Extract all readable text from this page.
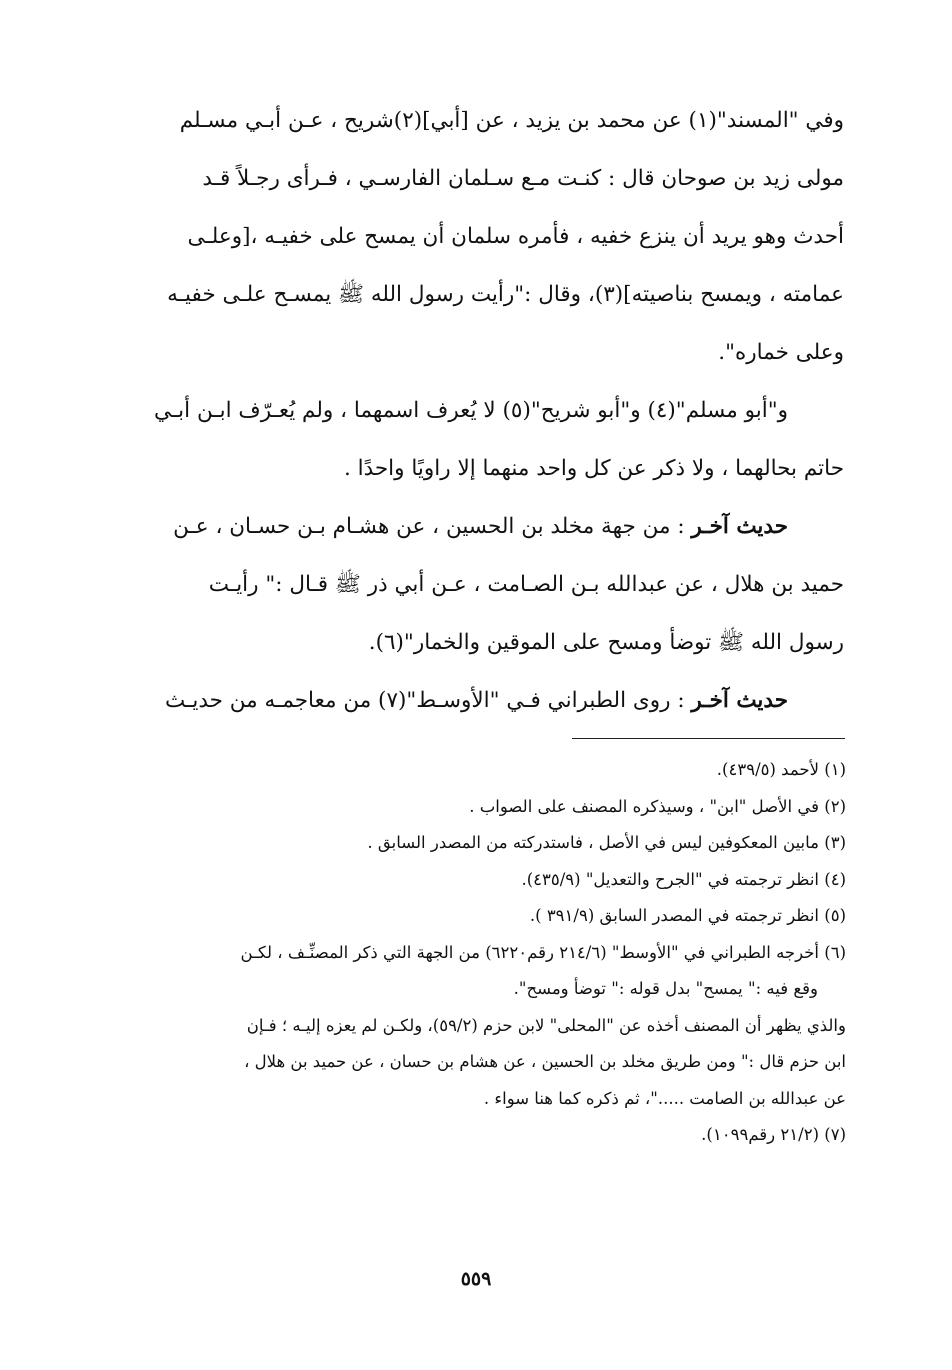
وفي "المسند"(١) عن محمد بن يزيد ، عن [أبي](٢)شريح ، عـن أبـي مسـلم
مولى زيد بن صوحان قال : كنـت مـع سـلمان الفارسـي ، فـرأى رجـلاً قـد
أحدث وهو يريد أن ينزع خفيه ، فأمره سلمان أن يمسح على خفيـه ،[وعلـى
عمامته ، ويمسح بناصيته](٣)، وقال :"رأيت رسول الله ﷺ يمسـح علـى خفيـه
وعلى خماره".
و"أبو مسلم"(٤) و"أبو شريح"(٥) لا يُعرف اسمهما ، ولم يُعـرّف ابـن أبـي
حاتم بحالهما ، ولا ذكر عن كل واحد منهما إلا راويًا واحدًا .
حديث آخـر : من جهة مخلد بن الحسين ، عن هشـام بـن حسـان ، عـن
حميد بن هلال ، عن عبدالله بـن الصـامت ، عـن أبي ذر ﷺ قـال :" رأيـت
رسول الله ﷺ توضأ ومسح على الموقين والخمار"(٦).
حديث آخـر : روى الطبراني فـي "الأوسـط"(٧) من معاجمـه من حديـث
(١) لأحمد (٤٣٩/٥).
(٢) في الأصل "ابن" ، وسيذكره المصنف على الصواب .
(٣) مابين المعكوفين ليس في الأصل ، فاستدركته من المصدر السابق .
(٤) انظر ترجمته في "الجرح والتعديل" (٤٣٥/٩).
(٥) انظر ترجمته في المصدر السابق (٣٩١/٩ ).
(٦) أخرجه الطبراني في "الأوسط" (٢١٤/٦ رقم٦٢٢٠) من الجهة التي ذكر المصنِّـف ، لكـن
وقع فيه :" يمسح" بدل قوله :" توضأ ومسح".
والذي يظهر أن المصنف أخذه عن "المحلى" لابن حزم (٥٩/٢)، ولكـن لم يعزه إليـه ؛ فـإن
ابن حزم قال :" ومن طريق مخلد بن الحسين ، عن هشام بن حسان ، عن حميد بن هلال ،
عن عبدالله بن الصامت ....."، ثم ذكره كما هنا سواء .
(٧) (٢١/٢ رقم١٠٩٩).
٥٥٩
